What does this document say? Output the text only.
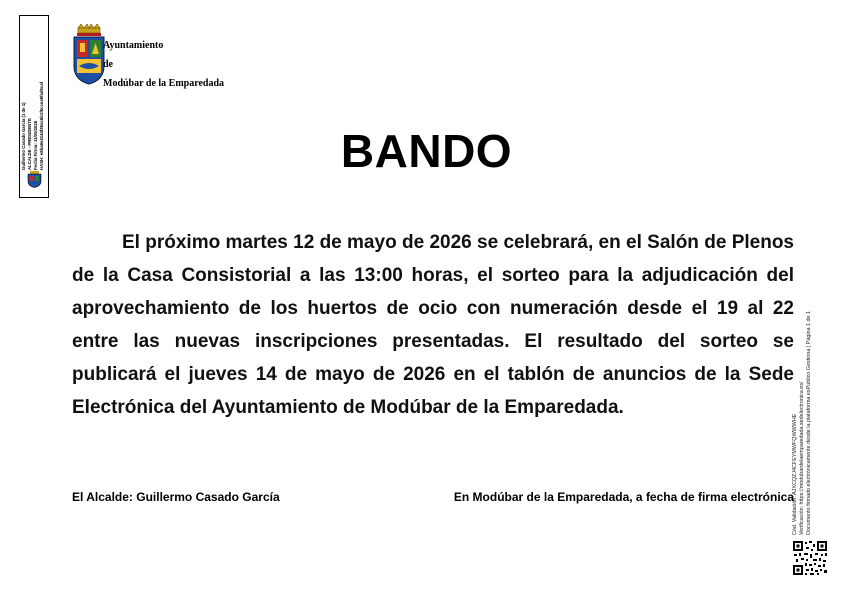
Guillermo Casado García (1 de 1) ALCALDE - PRESIDENTE Fecha Firma: 11/05/2026 HASH: e8ba8e4144f85ac6b1f6ccea9fad5caf
Ayuntamiento
de
Modúbar de la Emparedada
BANDO

El próximo martes 12 de mayo de 2026 se celebrará, en el Salón de Plenos de la Casa Consistorial a las 13:00 horas, el sorteo para la adjudicación del aprovechamiento de los huertos de ocio con numeración desde el 19 al 22 entre las nuevas inscripciones presentadas. El resultado del sorteo se publicará el jueves 14 de mayo de 2026 en el tablón de anuncios de la Sede Electrónica del Ayuntamiento de Modúbar de la Emparedada.

El Alcalde: Guillermo Casado García	En Modúbar de la Emparedada, a fecha de firma electrónica

Cód. Validación: AJXCQZJ4CFEYMWFQWWWHE Verificación: https://modubardelaemparedada.sedelectronica.es/ Documento firmado electrónicamente desde la plataforma esPublico Gestiona | Página 1 de 1
